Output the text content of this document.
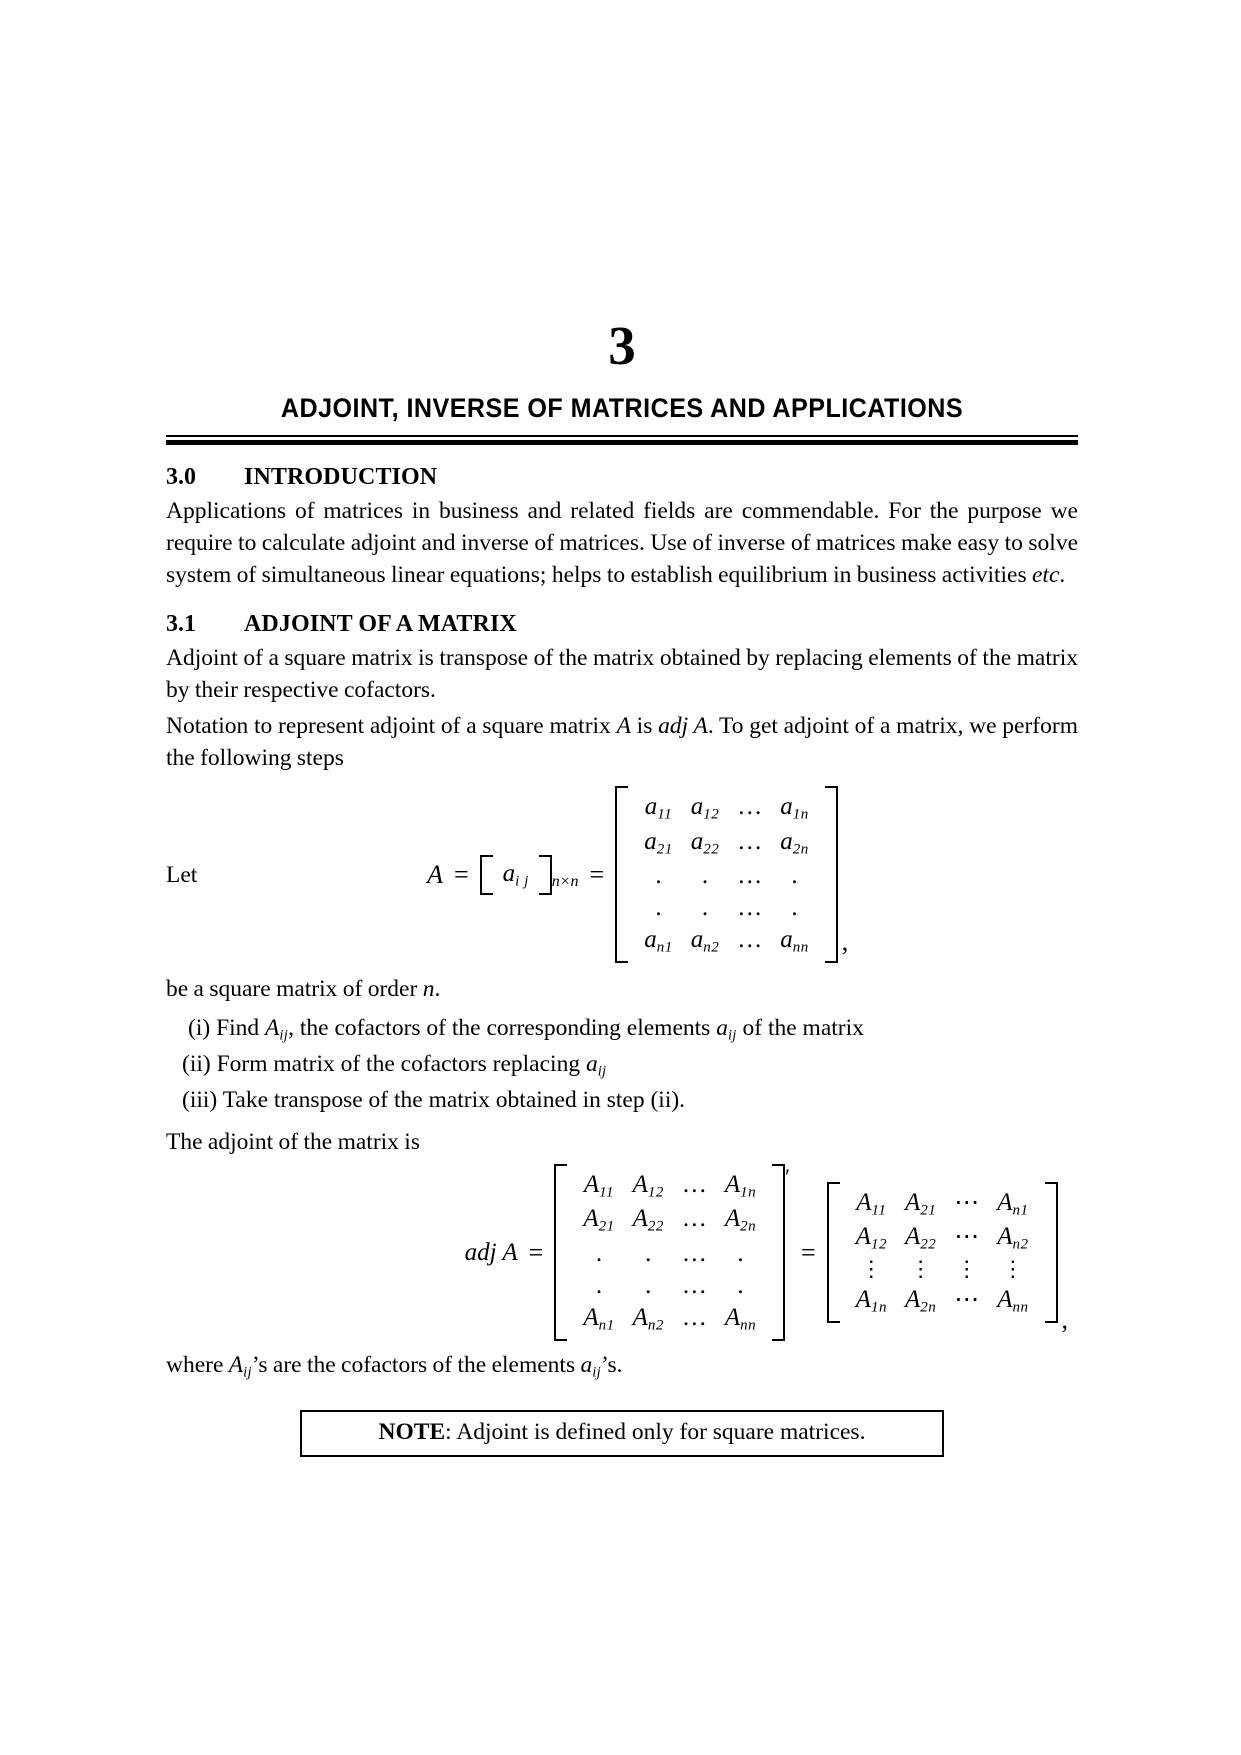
3
ADJOINT, INVERSE OF MATRICES AND APPLICATIONS
3.0	INTRODUCTION

Applications of matrices in business and related fields are commendable. For the purpose we require to calculate adjoint and inverse of matrices. Use of inverse of matrices make easy to solve system of simultaneous linear equations; helps to establish equilibrium in business activities etc.

3.1	ADJOINT OF A MATRIX

Adjoint of a square matrix is transpose of the matrix obtained by replacing elements of the matrix by their respective cofactors.

Notation to represent adjoint of a square matrix A is adj A. To get adjoint of a matrix, we perform the following steps

Let	A =	$a_{i j}$ n×n =
$a_{11}$ $a_{12}$ … $a_{1n}$
$a_{21}$ $a_{22}$ … $a_{2n}$
.	.	…	.
.	.	…	.
$a_{n1}$ $a_{n2}$ … $a_{nn}$	,

be a square matrix of order n.

(i) Find $A_{ij}$, the cofactors of the corresponding elements $a_{ij}$ of the matrix
(ii) Form matrix of the cofactors replacing $a_{ij}$
(iii) Take transpose of the matrix obtained in step (ii).

The adjoint of the matrix is

adj A =
$A_{11}$ $A_{12}$ … $A_{1n}$
$A_{21}$ $A_{22}$ … $A_{2n}$
.	.	…	.
.	.	…	.
$A_{n1}$ $A_{n2}$ … $A_{nn}$
′
=
$A_{11}$ $A_{21}$ ⋯ $A_{n1}$
$A_{12}$ $A_{22}$ ⋯ $A_{n2}$
⋮	⋮	⋮	⋮
$A_{1n}$ $A_{2n}$ ⋯ $A_{nn}$	,

where $A_{ij}’s$ are the cofactors of the elements $a_{ij}’s$.

NOTE: Adjoint is defined only for square matrices.
